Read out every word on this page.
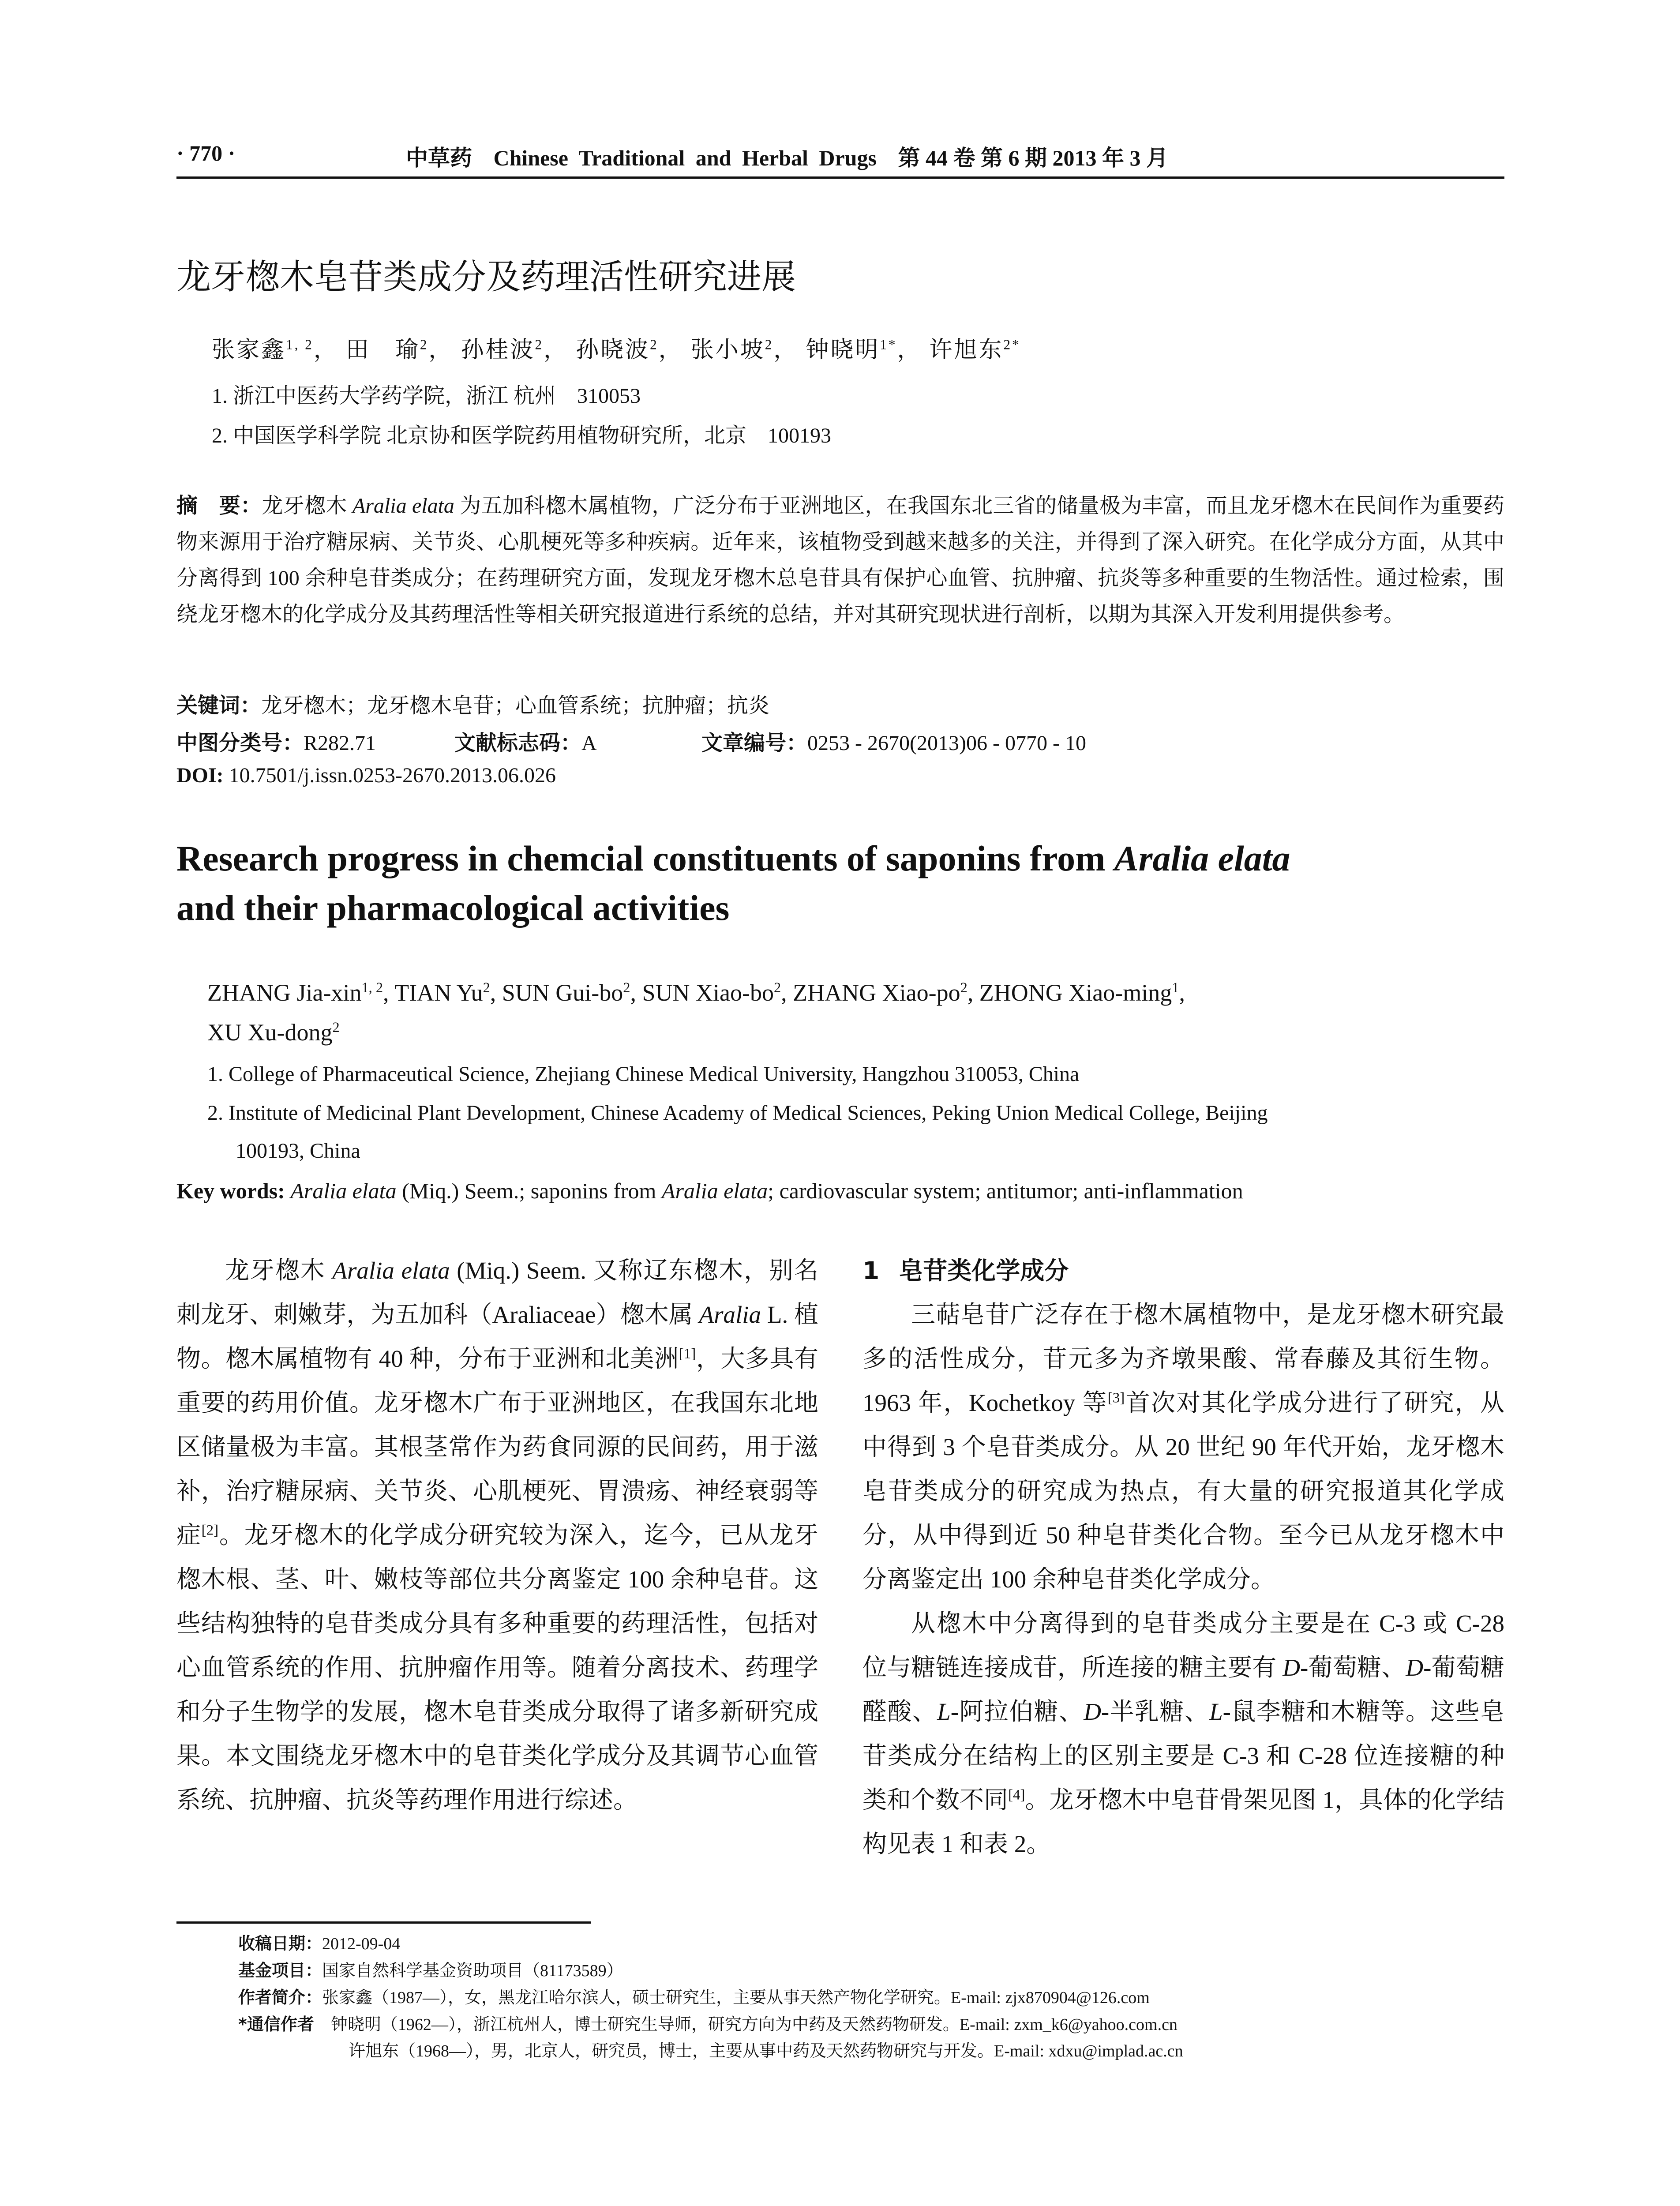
· 770 ·	中草药 Chinese Traditional and Herbal Drugs 第 44 卷 第 6 期 2013 年 3 月
龙牙楤木皂苷类成分及药理活性研究进展
张家鑫$^{1, 2}$， 田　瑜$^2$， 孙桂波$^2$， 孙晓波$^2$， 张小坡$^2$， 钟晓明$^{1*}$， 许旭东$^{2*}$
1. 浙江中医药大学药学院，浙江 杭州　310053
2. 中国医学科学院 北京协和医学院药用植物研究所，北京　100193
摘　要：龙牙楤木 Aralia elata 为五加科楤木属植物，广泛分布于亚洲地区，在我国东北三省的储量极为丰富，而且龙牙楤木在民间作为重要药物来源用于治疗糖尿病、关节炎、心肌梗死等多种疾病。近年来，该植物受到越来越多的关注，并得到了深入研究。在化学成分方面，从其中分离得到 100 余种皂苷类成分；在药理研究方面，发现龙牙楤木总皂苷具有保护心血管、抗肿瘤、抗炎等多种重要的生物活性。通过检索，围绕龙牙楤木的化学成分及其药理活性等相关研究报道进行系统的总结，并对其研究现状进行剖析，以期为其深入开发利用提供参考。
关键词：龙牙楤木；龙牙楤木皂苷；心血管系统；抗肿瘤；抗炎
中图分类号：R282.71	文献标志码：A	文章编号：0253 - 2670(2013)06 - 0770 - 10
DOI: 10.7501/j.issn.0253-2670.2013.06.026
Research progress in chemcial constituents of saponins from Aralia elata
and their pharmacological activities
ZHANG Jia-xin$^{1, 2}$, TIAN Yu$^2$, SUN Gui-$bo^2$, SUN Xiao-$bo^2$, ZHANG Xiao-$po^2$, ZHONG Xiao-ming$^1$,
XU Xu-dong$^2$
1. College of Pharmaceutical Science, Zhejiang Chinese Medical University, Hangzhou 310053, China
2. Institute of Medicinal Plant Development, Chinese Academy of Medical Sciences, Peking Union Medical College, Beijing
100193, China
Key words: Aralia elata (Miq.) Seem.; saponins from Aralia elata; cardiovascular system; antitumor; anti-inflammation

龙牙楤木 Aralia elata (Miq.) Seem. 又称辽东楤木，别名刺龙牙、刺嫩芽，为五加科（Araliaceae）楤木属 Aralia L. 植物。楤木属植物有 40 种，分布于亚洲和北美洲[1]，大多具有重要的药用价值。龙牙楤木广布于亚洲地区，在我国东北地区储量极为丰富。其根茎常作为药食同源的民间药，用于滋补，治疗糖尿病、关节炎、心肌梗死、胃溃疡、神经衰弱等症[2]。龙牙楤木的化学成分研究较为深入，迄今，已从龙牙楤木根、茎、叶、嫩枝等部位共分离鉴定 100 余种皂苷。这些结构独特的皂苷类成分具有多种重要的药理活性，包括对心血管系统的作用、抗肿瘤作用等。随着分离技术、药理学和分子生物学的发展，楤木皂苷类成分取得了诸多新研究成果。本文围绕龙牙楤木中的皂苷类化学成分及其调节心血管系统、抗肿瘤、抗炎等药理作用进行综述。

1 皂苷类化学成分

三萜皂苷广泛存在于楤木属植物中，是龙牙楤木研究最多的活性成分，苷元多为齐墩果酸、常春藤及其衍生物。1963 年，Kochetkoy 等[3]首次对其化学成分进行了研究，从中得到 3 个皂苷类成分。从 20 世纪 90 年代开始，龙牙楤木皂苷类成分的研究成为热点，有大量的研究报道其化学成分，从中得到近 50 种皂苷类化合物。至今已从龙牙楤木中分离鉴定出 100 余种皂苷类化学成分。

从楤木中分离得到的皂苷类成分主要是在 C-3 或 C-28 位与糖链连接成苷，所连接的糖主要有 D-葡萄糖、D-葡萄糖醛酸、L-阿拉伯糖、D-半乳糖、L-鼠李糖和木糖等。这些皂苷类成分在结构上的区别主要是 C-3 和 C-28 位连接糖的种类和个数不同[4]。龙牙楤木中皂苷骨架见图 1，具体的化学结构见表 1 和表 2。

收稿日期：2012-09-04
基金项目：国家自然科学基金资助项目（81173589）
作者简介：张家鑫（1987—），女，黑龙江哈尔滨人，硕士研究生，主要从事天然产物化学研究。E-mail: zjx870904@126.com
*通信作者　 钟晓明（1962—），浙江杭州人，博士研究生导师，研究方向为中药及天然药物研发。E-mail: zxm_k6@yahoo.com.cn
许旭东（1968—），男，北京人，研究员，博士，主要从事中药及天然药物研究与开发。E-mail: xdxu@implad.ac.cn
